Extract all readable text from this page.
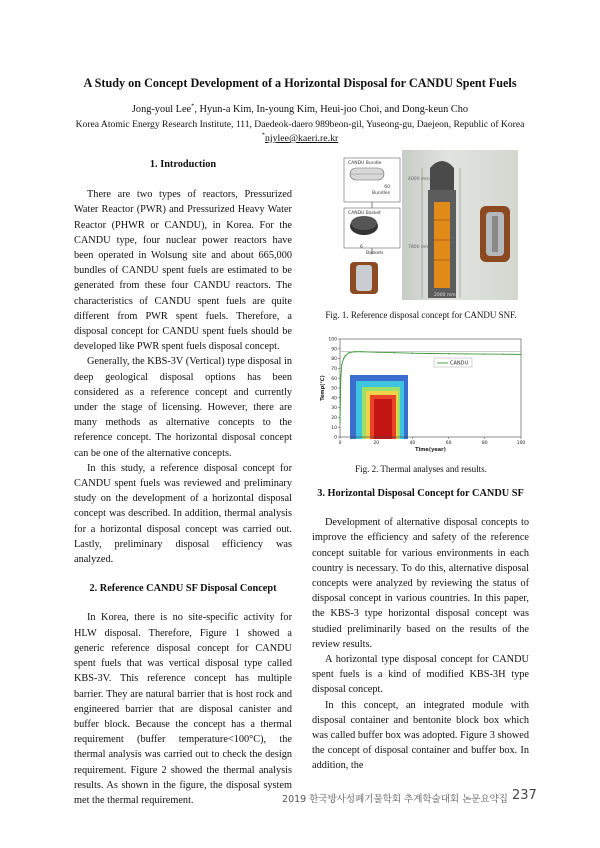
A Study on Concept Development of a Horizontal Disposal for CANDU Spent Fuels
Jong-youl Lee*, Hyun-a Kim, In-young Kim, Heui-joo Choi, and Dong-keun Cho
Korea Atomic Energy Research Institute, 111, Daedeok-daero 989beon-gil, Yuseong-gu, Daejeon, Republic of Korea
*njylee@kaeri.re.kr
1. Introduction

There are two types of reactors, Pressurized Water Reactor (PWR) and Pressurized Heavy Water Reactor (PHWR or CANDU), in Korea. For the CANDU type, four nuclear power reactors have been operated in Wolsung site and about 665,000 bundles of CANDU spent fuels are estimated to be generated from these four CANDU reactors. The characteristics of CANDU spent fuels are quite different from PWR spent fuels. Therefore, a disposal concept for CANDU spent fuels should be developed like PWR spent fuels disposal concept.

Generally, the KBS-3V (Vertical) type disposal in deep geological disposal options has been considered as a reference concept and currently under the stage of licensing. However, there are many methods as alternative concepts to the reference concept. The horizontal disposal concept can be one of the alternative concepts.

In this study, a reference disposal concept for CANDU spent fuels was reviewed and preliminary study on the development of a horizontal disposal concept was described. In addition, thermal analysis for a horizontal disposal concept was carried out. Lastly, preliminary disposal efficiency was analyzed.

2. Reference CANDU SF Disposal Concept

In Korea, there is no site-specific activity for HLW disposal. Therefore, Figure 1 showed a generic reference disposal concept for CANDU spent fuels that was vertical disposal type called KBS-3V. This reference concept has multiple barrier. They are natural barrier that is host rock and engineered barrier that are disposal canister and buffer block. Because the concept has a thermal requirement (buffer temperature<100°C), the thermal analysis was carried out to check the design requirement. Figure 2 showed the thermal analysis results. As shown in the figure, the disposal system met the thermal requirement.

CANDU Bundle
60
Bundles
CANDU Basket
6
Baskets
4000 mm
7800 mm
2000 mm
Fig. 1. Reference disposal concept for CANDU SNF.
0
10
20
30
40
50
60
70
80
90
100
0	20	40	60	80	100
Time(year)
Temp(℃)
CANDU
Fig. 2. Thermal analyses and results.
3. Horizontal Disposal Concept for CANDU SF

Development of alternative disposal concepts to improve the efficiency and safety of the reference concept suitable for various environments in each country is necessary. To do this, alternative disposal concepts were analyzed by reviewing the status of disposal concept in various countries. In this paper, the KBS-3 type horizontal disposal concept was studied preliminarily based on the results of the review results.

A horizontal type disposal concept for CANDU spent fuels is a kind of modified KBS-3H type disposal concept.

In this concept, an integrated module with disposal container and bentonite block box which was called buffer box was adopted. Figure 3 showed the concept of disposal container and buffer box. In addition, the

2019 한국방사성폐기물학회 추계학술대회 논문요약집 237
